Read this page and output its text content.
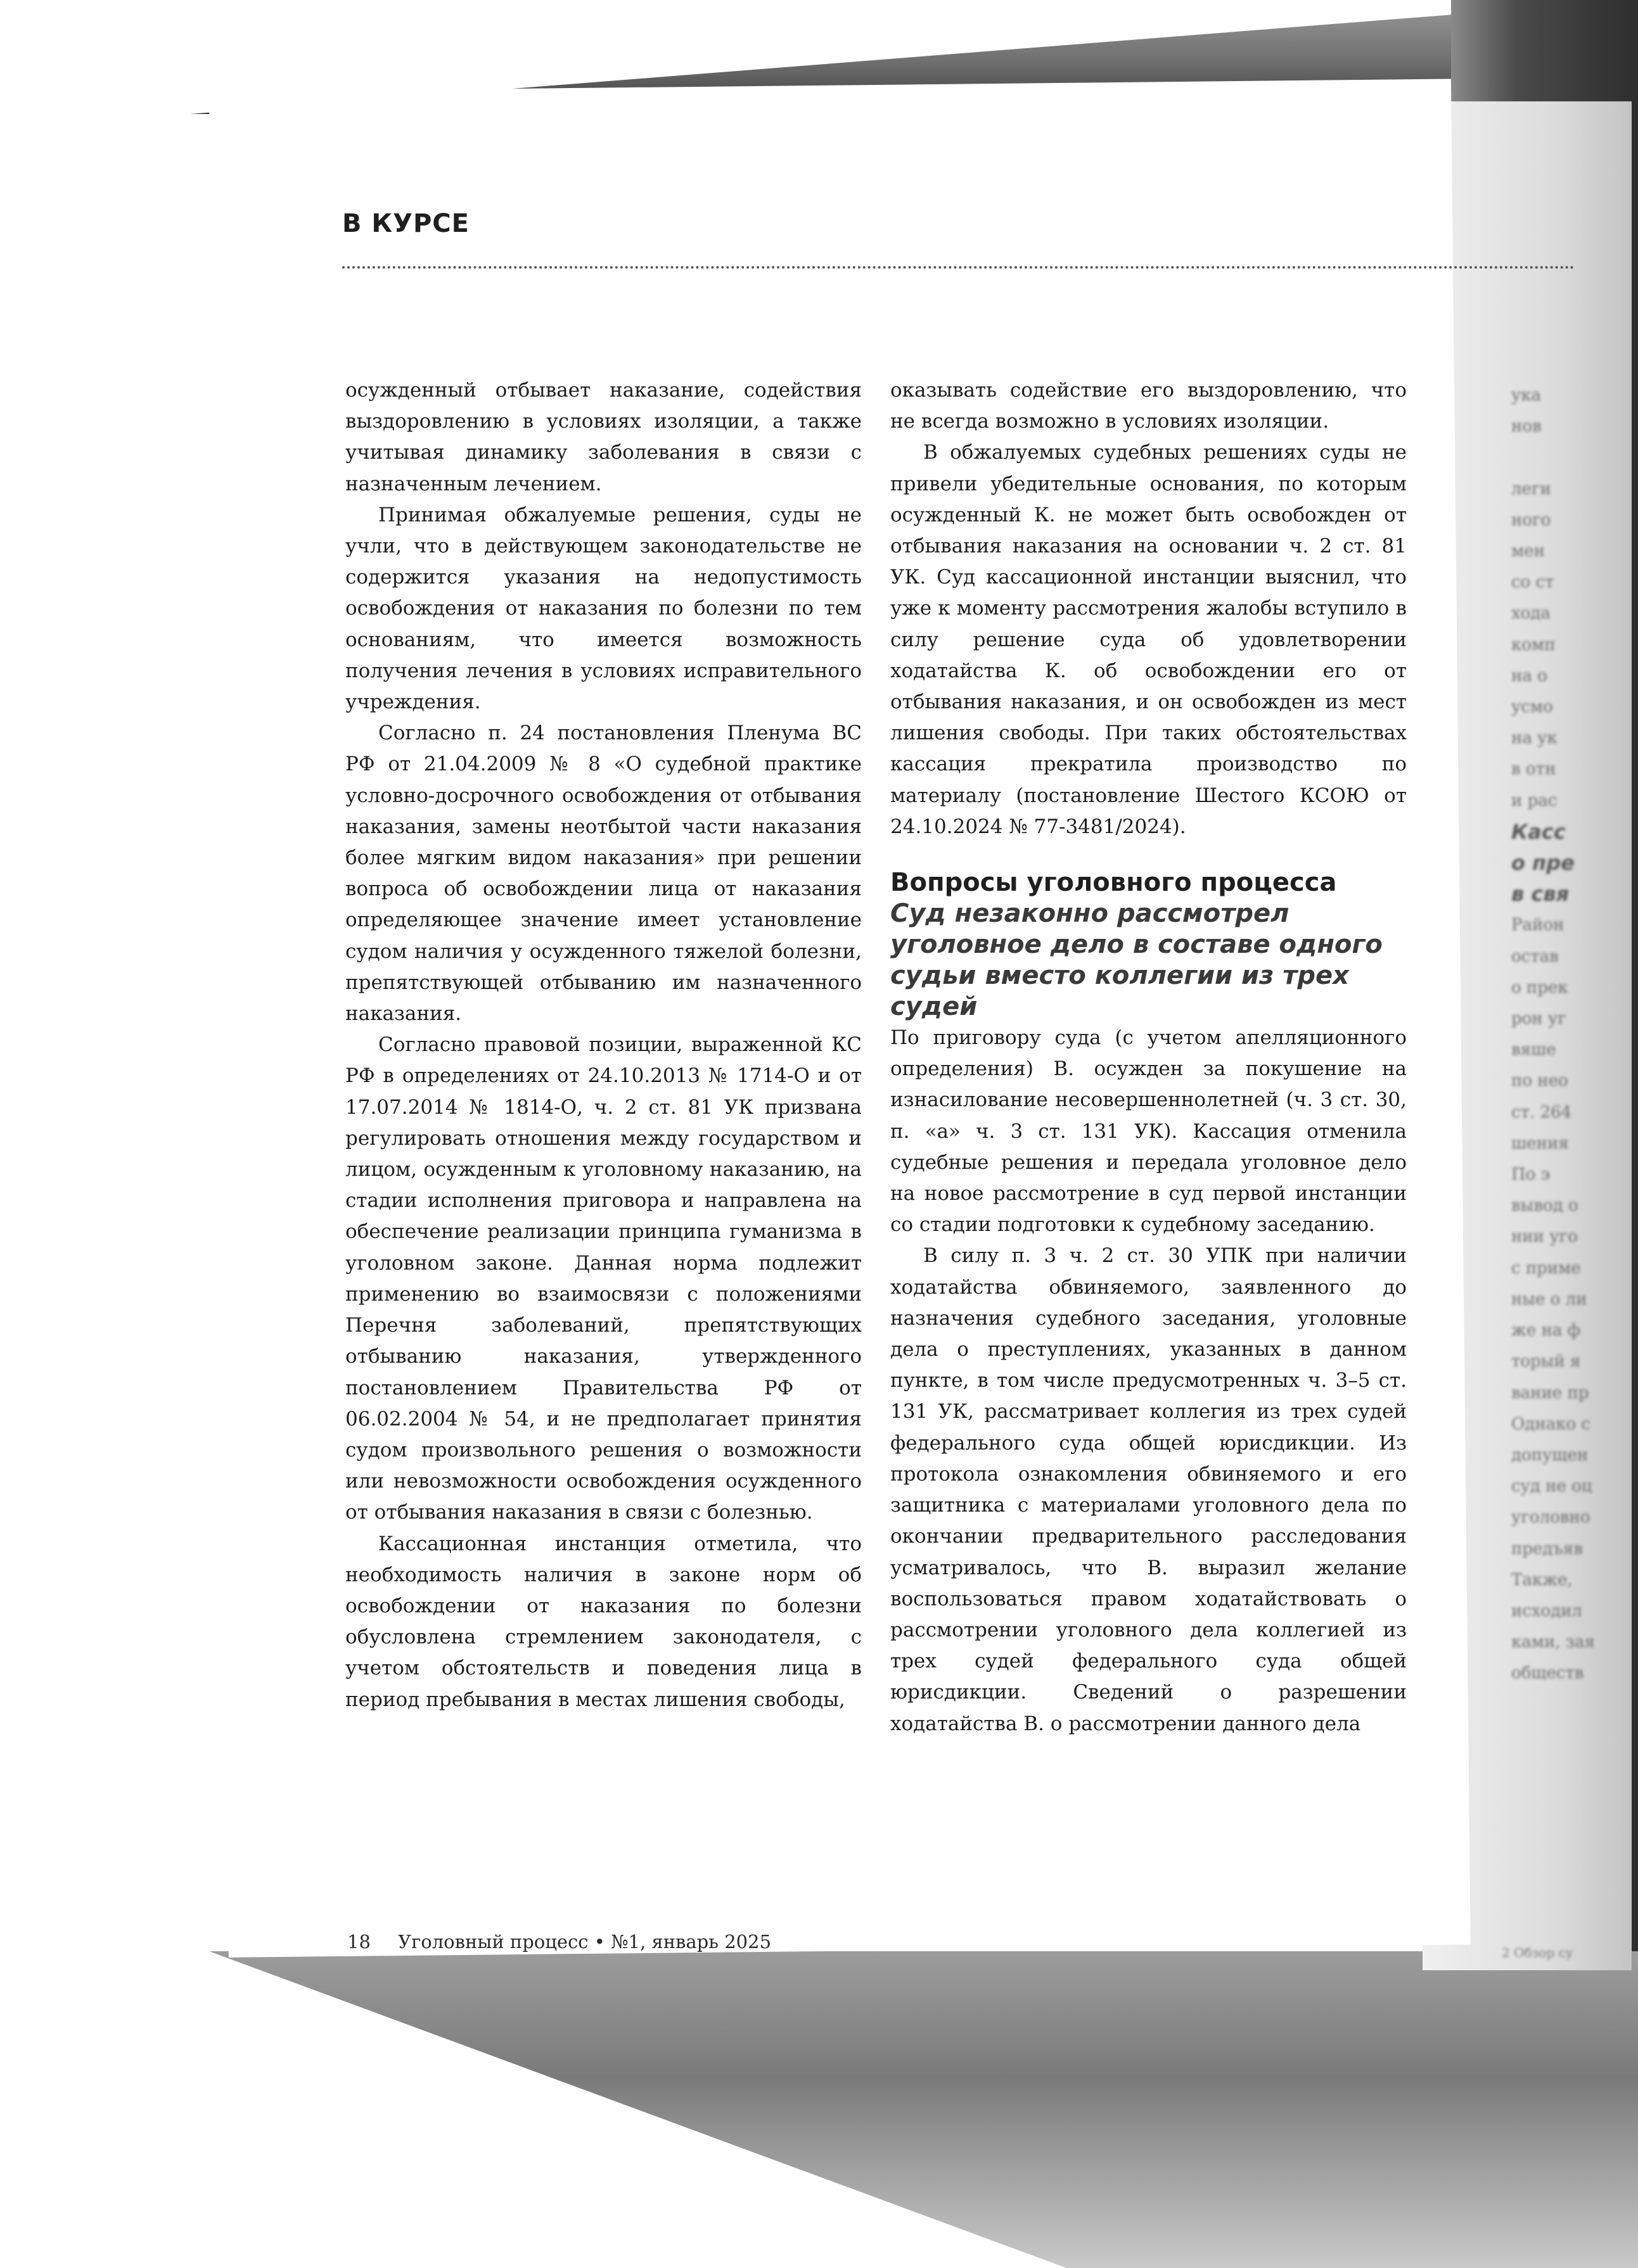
В КУРСЕ

осужденный отбывает наказание, содействия выздоровлению в условиях изоляции, а также учитывая динамику заболевания в связи с назначенным лечением.

Принимая обжалуемые решения, суды не учли, что в действующем законодательстве не содержится указания на недопустимость освобождения от наказания по болезни по тем основаниям, что имеется возможность получения лечения в условиях исправительного учреждения.

Согласно п. 24 постановления Пленума ВС РФ от 21.04.2009 № 8 «О судебной практике условно-досрочного освобождения от отбывания наказания, замены неотбытой части наказания более мягким видом наказания» при решении вопроса об освобождении лица от наказания определяющее значение имеет установление судом наличия у осужденного тяжелой болезни, препятствующей отбыванию им назначенного наказания.

Согласно правовой позиции, выраженной КС РФ в определениях от 24.10.2013 № 1714-О и от 17.07.2014 № 1814-О, ч. 2 ст. 81 УК призвана регулировать отношения между государством и лицом, осужденным к уголовному наказанию, на стадии исполнения приговора и направлена на обеспечение реализации принципа гуманизма в уголовном законе. Данная норма подлежит применению во взаимосвязи с положениями Перечня заболеваний, препятствующих отбыванию наказания, утвержденного постановлением Правительства РФ от 06.02.2004 № 54, и не предполагает принятия судом произвольного решения о возможности или невозможности освобождения осужденного от отбывания наказания в связи с болезнью.

Кассационная инстанция отметила, что необходимость наличия в законе норм об освобождении от наказания по болезни обусловлена стремлением законодателя, с учетом обстоятельств и поведения лица в период пребывания в местах лишения свободы,

оказывать содействие его выздоровлению, что не всегда возможно в условиях изоляции.

В обжалуемых судебных решениях суды не привели убедительные основания, по которым осужденный К. не может быть освобожден от отбывания наказания на основании ч. 2 ст. 81 УК. Суд кассационной инстанции выяснил, что уже к моменту рассмотрения жалобы вступило в силу решение суда об удовлетворении ходатайства К. об освобождении его от отбывания наказания, и он освобожден из мест лишения свободы. При таких обстоятельствах кассация прекратила производство по материалу (постановление Шестого КСОЮ от 24.10.2024 № 77-3481/2024).

Вопросы уголовного процесса
Суд незаконно рассмотрел уголовное дело в составе одного судьи вместо коллегии из трех судей

По приговору суда (с учетом апелляционного определения) В. осужден за покушение на изнасилование несовершеннолетней (ч. 3 ст. 30, п. «а» ч. 3 ст. 131 УК). Кассация отменила судебные решения и передала уголовное дело на новое рассмотрение в суд первой инстанции со стадии подготовки к судебному заседанию.

В силу п. 3 ч. 2 ст. 30 УПК при наличии ходатайства обвиняемого, заявленного до назначения судебного заседания, уголовные дела о преступлениях, указанных в данном пункте, в том числе предусмотренных ч. 3–5 ст. 131 УК, рассматривает коллегия из трех судей федерального суда общей юрисдикции. Из протокола ознакомления обвиняемого и его защитника с материалами уголовного дела по окончании предварительного расследования усматривалось, что В. выразил желание воспользоваться правом ходатайствовать о рассмотрении уголовного дела коллегией из трех судей федерального суда общей юрисдикции. Сведений о разрешении ходатайства В. о рассмотрении данного дела

ука
нов

леги
ного
мен
со ст
хода
комп
на о
усмо
на ук
в отн
и рас
Касс
о пре
в свя
Район
остав
о прек
рон уг
вяше
по нео
ст. 264
шения
По э
вывод о
нии уго
с приме
ные о ли
же на ф
торый я
вание пр
Однако с
допущен
суд не оц
уголовно
предъяв
Также,
исходил
ками, зая
обществ
2 Обзор су
18 Уголовный процесс • №1, январь 2025
